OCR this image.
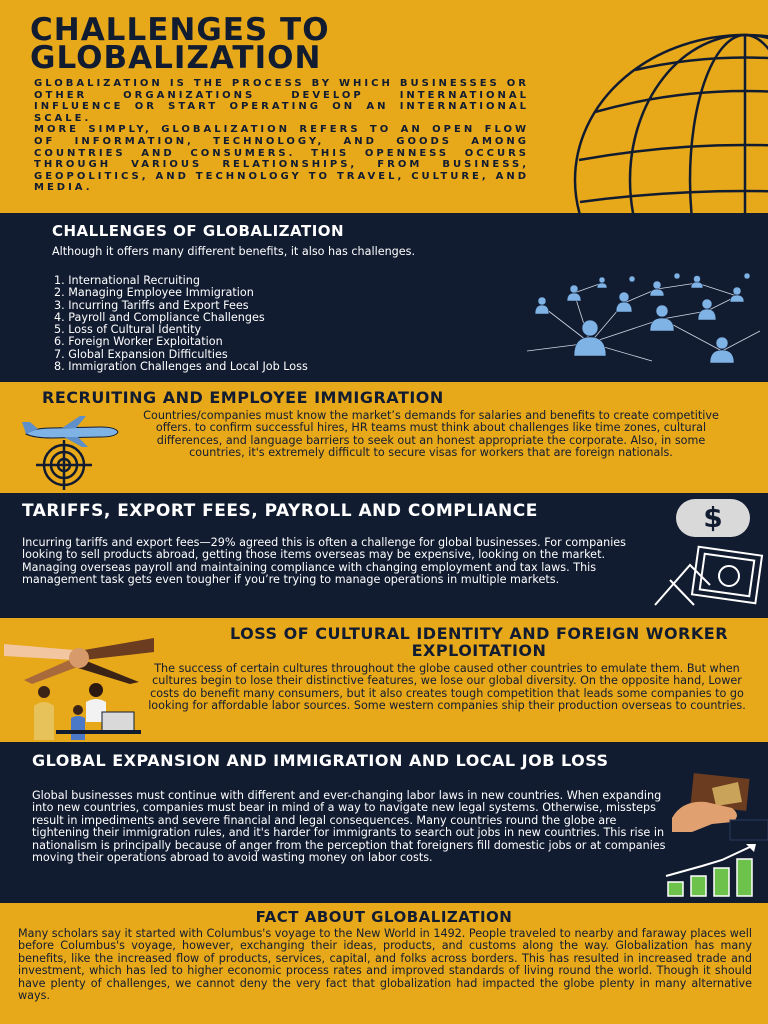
CHALLENGES TO GLOBALIZATION

GLOBALIZATION IS THE PROCESS BY WHICH BUSINESSES OR OTHER ORGANIZATIONS DEVELOP INTERNATIONAL INFLUENCE OR START OPERATING ON AN INTERNATIONAL SCALE.

MORE SIMPLY, GLOBALIZATION REFERS TO AN OPEN FLOW OF INFORMATION, TECHNOLOGY, AND GOODS AMONG COUNTRIES AND CONSUMERS. THIS OPENNESS OCCURS THROUGH VARIOUS RELATIONSHIPS, FROM BUSINESS, GEOPOLITICS, AND TECHNOLOGY TO TRAVEL, CULTURE, AND MEDIA.

CHALLENGES OF GLOBALIZATION

Although it offers many different benefits, it also has challenges.

1. International Recruiting
2. Managing Employee Immigration
3. Incurring Tariffs and Export Fees
4. Payroll and Compliance Challenges
5. Loss of Cultural Identity
6. Foreign Worker Exploitation
7. Global Expansion Difficulties
8. Immigration Challenges and Local Job Loss
RECRUITING AND EMPLOYEE IMMIGRATION

Countries/companies must know the market’s demands for salaries and benefits to create competitive offers. to confirm successful hires, HR teams must think about challenges like time zones, cultural differences, and language barriers to seek out an honest appropriate the corporate. Also, in some countries, it's extremely difficult to secure visas for workers that are foreign nationals.

TARIFFS, EXPORT FEES, PAYROLL AND COMPLIANCE

Incurring tariffs and export fees—29% agreed this is often a challenge for global businesses. For companies looking to sell products abroad, getting those items overseas may be expensive, looking on the market. Managing overseas payroll and maintaining compliance with changing employment and tax laws. This management task gets even tougher if you’re trying to manage operations in multiple markets.

$
LOSS OF CULTURAL IDENTITY AND FOREIGN WORKER EXPLOITATION

The success of certain cultures throughout the globe caused other countries to emulate them. But when cultures begin to lose their distinctive features, we lose our global diversity. On the opposite hand, Lower costs do benefit many consumers, but it also creates tough competition that leads some companies to go looking for affordable labor sources. Some western companies ship their production overseas to countries.

GLOBAL EXPANSION AND IMMIGRATION AND LOCAL JOB LOSS

Global businesses must continue with different and ever-changing labor laws in new countries. When expanding into new countries, companies must bear in mind of a way to navigate new legal systems. Otherwise, missteps result in impediments and severe financial and legal consequences. Many countries round the globe are tightening their immigration rules, and it's harder for immigrants to search out jobs in new countries. This rise in nationalism is principally because of anger from the perception that foreigners fill domestic jobs or at companies moving their operations abroad to avoid wasting money on labor costs.

FACT ABOUT GLOBALIZATION

Many scholars say it started with Columbus's voyage to the New World in 1492. People traveled to nearby and faraway places well before Columbus's voyage, however, exchanging their ideas, products, and customs along the way. Globalization has many benefits, like the increased flow of products, services, capital, and folks across borders. This has resulted in increased trade and investment, which has led to higher economic process rates and improved standards of living round the world. Though it should have plenty of challenges, we cannot deny the very fact that globalization had impacted the globe plenty in many alternative ways.
